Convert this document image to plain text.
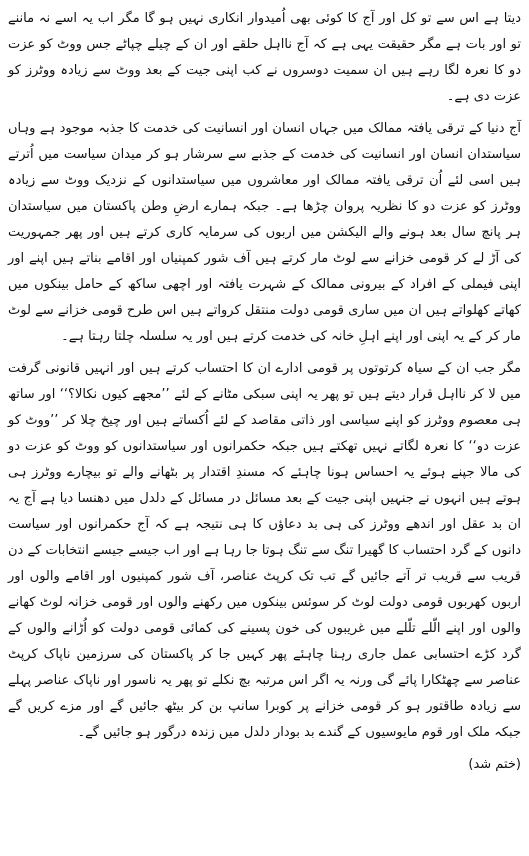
دیتا ہے اس سے تو کل اور آج کا کوئی بھی اُمیدوار انکاری نہیں ہو گا مگر اب یہ اسے نہ ماننے تو اور بات ہے مگر حقیقت یہی ہے کہ آج نااہل حلقے اور ان کے چیلے چپاٹے جس ووٹ کو عزت دو کا نعرہ لگا رہے ہیں ان سمیت دوسروں نے کب اپنی جیت کے بعد ووٹ سے زیادہ ووٹرز کو عزت دی ہے۔

آج دنیا کے ترقی یافتہ ممالک میں جہاں انسان اور انسانیت کی خدمت کا جذبہ موجود ہے وہاں سیاستدان انسان اور انسانیت کی خدمت کے جذبے سے سرشار ہو کر میدان سیاست میں اُترتے ہیں اسی لئے اُن ترقی یافتہ ممالک اور معاشروں میں سیاستدانوں کے نزدیک ووٹ سے زیادہ ووٹرز کو عزت دو کا نظریہ پروان چڑھا ہے۔ جبکہ ہمارے ارضِ وطن پاکستان میں سیاستدان ہر پانچ سال بعد ہونے والے الیکشن میں اربوں کی سرمایہ کاری کرتے ہیں اور پھر جمہوریت کی آڑ لے کر قومی خزانے سے لوٹ مار کرتے ہیں آف شور کمپنیاں اور اقامے بناتے ہیں اپنے اور اپنی فیملی کے افراد کے بیرونی ممالک کے شہرت یافتہ اور اچھی ساکھ کے حامل بینکوں میں کھاتے کھلواتے ہیں ان میں ساری قومی دولت منتقل کرواتے ہیں اس طرح قومی خزانے سے لوٹ مار کر کے یہ اپنی اور اپنے اہلِ خانہ کی خدمت کرتے ہیں اور یہ سلسلہ چلتا رہتا ہے۔

مگر جب ان کے سیاہ کرتوتوں پر قومی ادارے ان کا احتساب کرتے ہیں اور انہیں قانونی گرفت میں لا کر نااہل قرار دیتے ہیں تو پھر یہ اپنی سبکی مٹانے کے لئے ’’مجھے کیوں نکالا؟‘‘ اور ساتھ ہی معصوم ووٹرز کو اپنے سیاسی اور ذاتی مقاصد کے لئے اُکساتے ہیں اور چیخ چلا کر ’’ووٹ کو عزت دو‘‘ کا نعرہ لگاتے نہیں تھکتے ہیں جبکہ حکمرانوں اور سیاستدانوں کو ووٹ کو عزت دو کی مالا جپنے ہوئے یہ احساس ہونا چاہئے کہ مسندِ اقتدار پر بٹھانے والے تو بیچارے ووٹرز ہی ہوتے ہیں انہوں نے جنہیں اپنی جیت کے بعد مسائل در مسائل کے دلدل میں دھنسا دیا ہے آج یہ ان بد عقل اور اندھے ووٹرز کی ہی بد دعاؤں کا ہی نتیجہ ہے کہ آج حکمرانوں اور سیاست دانوں کے گرد احتساب کا گھیرا تنگ سے تنگ ہوتا جا رہا ہے اور اب جیسے جیسے انتخابات کے دن قریب سے قریب تر آتے جائیں گے تب تک کرپٹ عناصر، آف شور کمپنیوں اور اقامے والوں اور اربوں کھربوں قومی دولت لوٹ کر سوئس بینکوں میں رکھنے والوں اور قومی خزانہ لوٹ کھانے والوں اور اپنے الّلے تلّلے میں غریبوں کی خون پسینے کی کمائی قومی دولت کو اُڑانے والوں کے گرد کڑے احتسابی عمل جاری رہنا چاہئے پھر کہیں جا کر پاکستان کی سرزمین ناپاک کرپٹ عناصر سے چھٹکارا پائے گی ورنہ یہ اگر اس مرتبہ بچ نکلے تو پھر یہ ناسور اور ناپاک عناصر پہلے سے زیادہ طاقتور ہو کر قومی خزانے پر کوبرا سانپ بن کر بیٹھ جائیں گے اور مزے کریں گے جبکہ ملک اور قوم مایوسیوں کے گندے بد بودار دلدل میں زندہ درگور ہو جائیں گے۔

(ختم شد)
